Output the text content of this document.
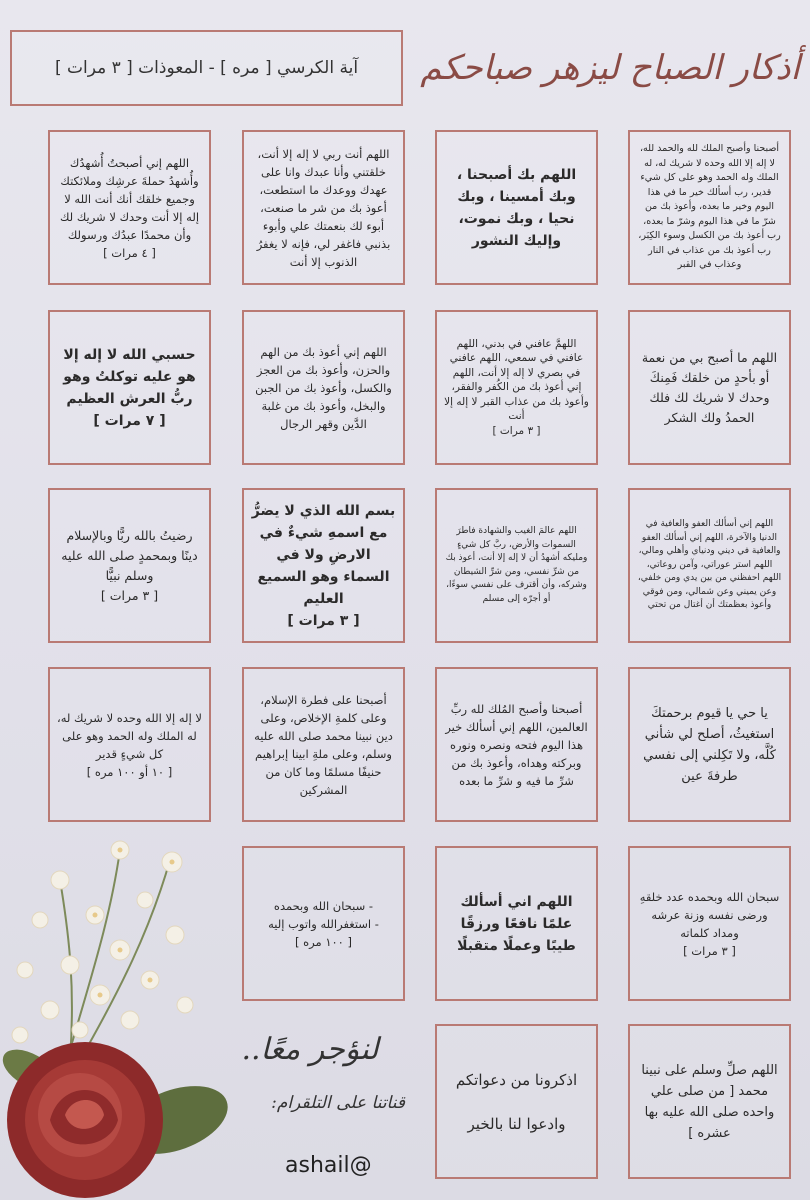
أذكار الصباح ليزهر صباحكم
آية الكرسي [ مره ] - المعوذات [ ٣ مرات ]
أصبحنا وأصبح الملك لله والحمد لله، لا إله إلا الله وحده لا شريك له، له الملك وله الحمد وهو على كل شيء قدير، رب أسألك خير ما في هذا اليوم وخير ما بعده، وأعوذ بك من شرّ ما في هذا اليوم وشرّ ما بعده، رب أعوذ بك من الكسل وسوء الكِبَر، رب أعوذ بك من عذاب في النار وعذاب في القبر
اللهم بك أصبحنا ،
وبك أمسينا ، وبك
نحيا ، وبك نموت،
وإليك النشور
اللهم أنت ربي لا إله إلا أنت، خلقتني وأنا عبدك وانا على عهدك ووعدك ما استطعت، أعوذ بك من شر ما صنعت، أبوء لك بنعمتك علي وأبوء بذنبي فاغفر لي، فإنه لا يغفرُ الذنوب إلا أنت
اللهم إني أصبحتُ أُشهدُك وأُشهدُ حملةَ عرشِك وملائكتك وجميع خلقك أنك أنت الله لا إله إلا أنت وحدك لا شريك لك وأن محمدًا عبدُك ورسولك
[ ٤ مرات ]
اللهم ما أصبح بي من نعمة أو بأحدٍ من خلقك فَمِنكَ وحدك لا شريك لك فلك الحمدُ ولك الشكر
اللهمَّ عافني في بدني، اللهم عافني في سمعي، اللهم عافني في بصري لا إله إلا أنت، اللهم إني أعوذ بك من الكُفر والفقر، وأعوذ بك من عذاب القبر لا إله إلا أنت
[ ٣ مرات ]
اللهم إني أعوذ بك من الهم والحزن، وأعوذ بك من العجز والكسل، وأعوذ بك من الجبن والبخل، وأعوذ بك من غلبة الدَّين وقهر الرجال
حسبي الله لا إله إلا هو عليه توكلتُ وهو ربُّ العرش العظيم
[ ٧ مرات ]
اللهم إني أسألك العفو والعافية في الدنيا والآخرة، اللهم إني أسألك العفو والعافية في ديني ودنياي وأهلي ومالي، اللهم استر عوراتي، وآمن روعاتي، اللهم احفظني من بين يدي ومن خلفي، وعن يميني وعن شمالي، ومن فوقي وأعوذ بعظمتك أن أغتال من تحتي
اللهم عالمَ الغيب والشهادة فاطرَ السموات والأرض، ربَّ كل شيءٍ ومليكه أشهدُ أن لا إله إلا أنت، أعوذ بك من شرِّ نفسي، ومن شرِّ الشيطان وشركه، وأن أقترف على نفسي سوءًا، أو أجرّه إلى مسلم
بسم الله الذي لا يضرُّ مع اسمهِ شيءٌ في الارضِ ولا في السماء وهو السميع العليم
[ ٣ مرات ]
رضيتُ بالله ربًّا وبالإسلام دينًا وبمحمدٍ صلى الله عليه وسلم نبيًّا
[ ٣ مرات ]
يا حي يا قيوم برحمتكَ استغيثُ، أصلح لي شأني كُلَّه، ولا تَكِلني إلى نفسي طرفةَ عين
أصبحنا وأصبح المُلك لله ربِّ العالمين، اللهم إني أسألك خير هذا اليوم فتحه ونصره ونوره وبركته وهداه، وأعوذ بك من شرِّ ما فيه و شرِّ ما بعده
أصبحنا على فطرة الإسلام، وعلى كلمةِ الإخلاص، وعلى دين نبينا محمد صلى الله عليه وسلم، وعلى ملةِ ابينا إبراهيم حنيفًا مسلمًا وما كان من المشركين
لا إله إلا الله وحده لا شريك له، له الملك وله الحمد وهو على كل شيءٍ قدير
[ ١٠ أو ١٠٠ مره ]
سبحان الله وبحمده عدد خلقهِ ورضى نفسه وزنة عرشه ومداد كلماته
[ ٣ مرات ]
اللهم اني أسألك علمًا نافعًا ورزقًا طيبًا وعملًا متقبلًا
- سبحان الله وبحمده
- استغفرالله واتوب إليه
[ ١٠٠ مره ]
اللهم صلِّ وسلم على نبينا محمد [ من صلى علي واحده صلى الله عليه بها عشره ]
اذكرونا من دعواتكم

وادعوا لنا بالخير
لنؤجر معًا..
قناتنا على التلقرام:
ashail@
